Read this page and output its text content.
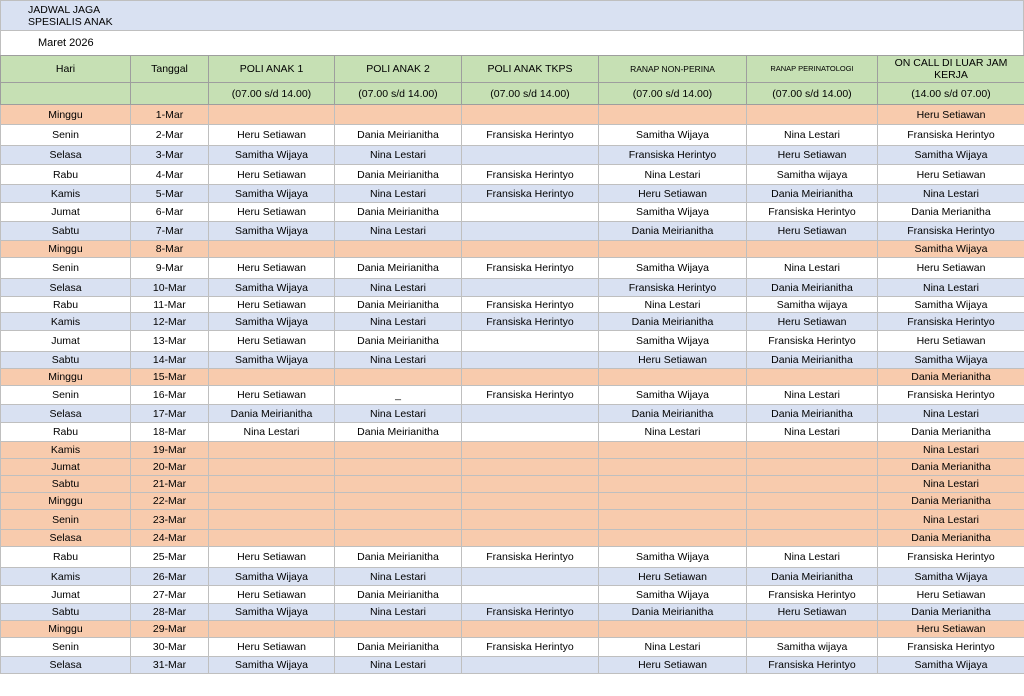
JADWAL JAGA
SPESIALIS ANAK
Maret 2026
Hari	Tanggal	POLI ANAK 1	POLI ANAK 2	POLI ANAK TKPS	RANAP NON-PERINA	RANAP PERINATOLOGI	ON CALL DI LUAR JAM KERJA
		(07.00 s/d 14.00)	(07.00 s/d 14.00)	(07.00 s/d 14.00)	(07.00 s/d 14.00)	(07.00 s/d 14.00)	(14.00 s/d 07.00)
Minggu	1-Mar						Heru Setiawan
Senin	2-Mar	Heru Setiawan	Dania Meirianitha	Fransiska Herintyo	Samitha Wijaya	Nina Lestari	Fransiska Herintyo
Selasa	3-Mar	Samitha Wijaya	Nina Lestari		Fransiska Herintyo	Heru Setiawan	Samitha Wijaya
Rabu	4-Mar	Heru Setiawan	Dania Meirianitha	Fransiska Herintyo	Nina Lestari	Samitha wijaya	Heru Setiawan
Kamis	5-Mar	Samitha Wijaya	Nina Lestari	Fransiska Herintyo	Heru Setiawan	Dania Meirianitha	Nina Lestari
Jumat	6-Mar	Heru Setiawan	Dania Meirianitha		Samitha Wijaya	Fransiska Herintyo	Dania Merianitha
Sabtu	7-Mar	Samitha Wijaya	Nina Lestari		Dania Meirianitha	Heru Setiawan	Fransiska Herintyo
Minggu	8-Mar						Samitha Wijaya
Senin	9-Mar	Heru Setiawan	Dania Meirianitha	Fransiska Herintyo	Samitha Wijaya	Nina Lestari	Heru Setiawan
Selasa	10-Mar	Samitha Wijaya	Nina Lestari		Fransiska Herintyo	Dania Meirianitha	Nina Lestari
Rabu	11-Mar	Heru Setiawan	Dania Meirianitha	Fransiska Herintyo	Nina Lestari	Samitha wijaya	Samitha Wijaya
Kamis	12-Mar	Samitha Wijaya	Nina Lestari	Fransiska Herintyo	Dania Meirianitha	Heru Setiawan	Fransiska Herintyo
Jumat	13-Mar	Heru Setiawan	Dania Meirianitha		Samitha Wijaya	Fransiska Herintyo	Heru Setiawan
Sabtu	14-Mar	Samitha Wijaya	Nina Lestari		Heru Setiawan	Dania Meirianitha	Samitha Wijaya
Minggu	15-Mar						Dania Merianitha
Senin	16-Mar	Heru Setiawan	_	Fransiska Herintyo	Samitha Wijaya	Nina Lestari	Fransiska Herintyo
Selasa	17-Mar	Dania Meirianitha	Nina Lestari		Dania Meirianitha	Dania Meirianitha	Nina Lestari
Rabu	18-Mar	Nina Lestari	Dania Meirianitha		Nina Lestari	Nina Lestari	Dania Merianitha
Kamis	19-Mar						Nina Lestari
Jumat	20-Mar						Dania Merianitha
Sabtu	21-Mar						Nina Lestari
Minggu	22-Mar						Dania Merianitha
Senin	23-Mar						Nina Lestari
Selasa	24-Mar						Dania Merianitha
Rabu	25-Mar	Heru Setiawan	Dania Meirianitha	Fransiska Herintyo	Samitha Wijaya	Nina Lestari	Fransiska Herintyo
Kamis	26-Mar	Samitha Wijaya	Nina Lestari		Heru Setiawan	Dania Meirianitha	Samitha Wijaya
Jumat	27-Mar	Heru Setiawan	Dania Meirianitha		Samitha Wijaya	Fransiska Herintyo	Heru Setiawan
Sabtu	28-Mar	Samitha Wijaya	Nina Lestari	Fransiska Herintyo	Dania Meirianitha	Heru Setiawan	Dania Merianitha
Minggu	29-Mar						Heru Setiawan
Senin	30-Mar	Heru Setiawan	Dania Meirianitha	Fransiska Herintyo	Nina Lestari	Samitha wijaya	Fransiska Herintyo
Selasa	31-Mar	Samitha Wijaya	Nina Lestari		Heru Setiawan	Fransiska Herintyo	Samitha Wijaya
